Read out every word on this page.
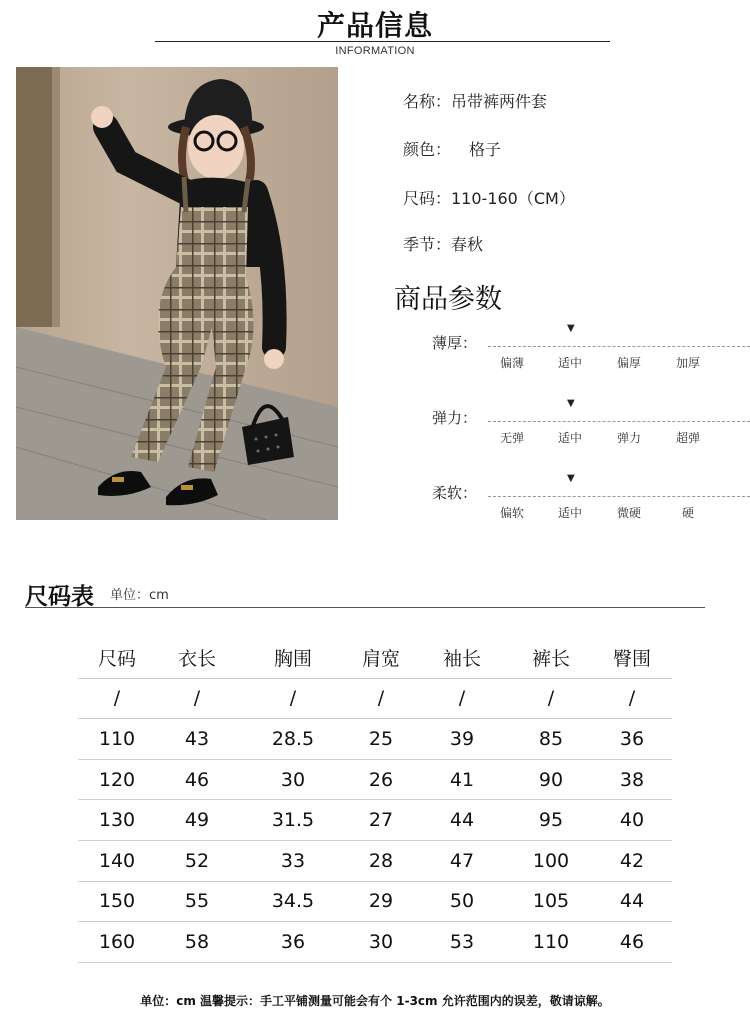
产品信息
INFORMATION
名称：吊带裤两件套
颜色： 格子
尺码：110-160（CM）
季节：春秋
商品参数
薄厚：
▼
偏薄	适中	偏厚	加厚
弹力：
▼
无弹	适中	弹力	超弹
柔软：
▼
偏软	适中	微硬	硬
尺码表 单位：cm
尺码	衣长	胸围	肩宽	袖长	裤长	臀围
/	/	/	/	/	/	/
110	43	28.5	25	39	85	36
120	46	30	26	41	90	38
130	49	31.5	27	44	95	40
140	52	33	28	47	100	42
150	55	34.5	29	50	105	44
160	58	36	30	53	110	46
单位：cm 温馨提示：手工平铺测量可能会有个 1-3cm 允许范围内的误差，敬请谅解。
